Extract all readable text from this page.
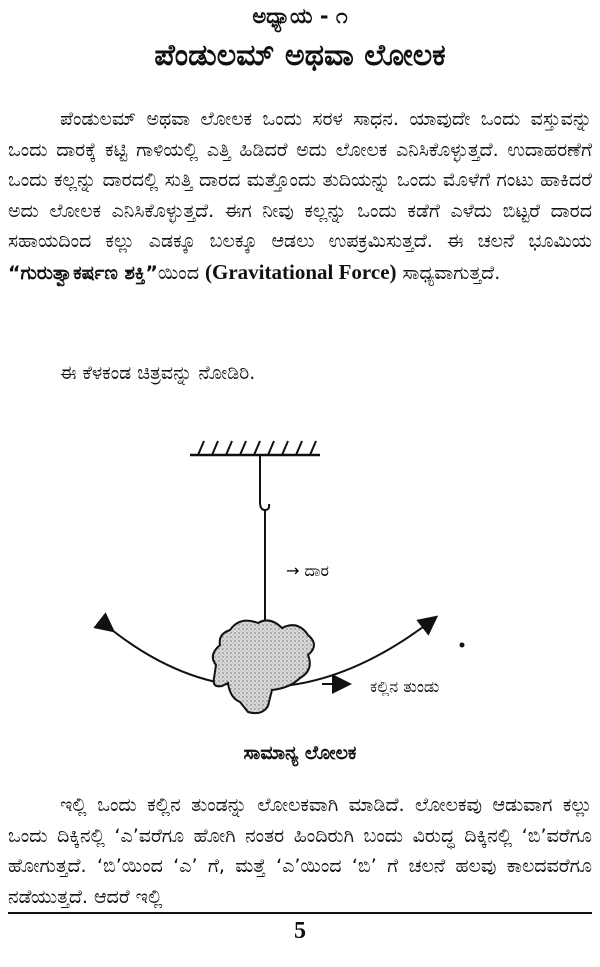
ಅಧ್ಯಾಯ - ೧
ಪೆಂಡುಲಮ್ ಅಥವಾ ಲೋಲಕ

ಪೆಂಡುಲಮ್ ಅಥವಾ ಲೋಲಕ ಒಂದು ಸರಳ ಸಾಧನ. ಯಾವುದೇ ಒಂದು ವಸ್ತುವನ್ನು ಒಂದು ದಾರಕ್ಕೆ ಕಟ್ಟಿ ಗಾಳಿಯಲ್ಲಿ ಎತ್ತಿ ಹಿಡಿದರೆ ಅದು ಲೋಲಕ ಎನಿಸಿಕೊಳ್ಳುತ್ತದೆ. ಉದಾಹರಣೆಗೆ ಒಂದು ಕಲ್ಲನ್ನು ದಾರದಲ್ಲಿ ಸುತ್ತಿ ದಾರದ ಮತ್ತೊಂದು ತುದಿಯನ್ನು ಒಂದು ಮೊಳೆಗೆ ಗಂಟು ಹಾಕಿದರೆ ಅದು ಲೋಲಕ ಎನಿಸಿಕೊಳ್ಳುತ್ತದೆ. ಈಗ ನೀವು ಕಲ್ಲನ್ನು ಒಂದು ಕಡೆಗೆ ಎಳೆದು ಬಿಟ್ಟರೆ ದಾರದ ಸಹಾಯದಿಂದ ಕಲ್ಲು ಎಡಕ್ಕೂ ಬಲಕ್ಕೂ ಆಡಲು ಉಪಕ್ರಮಿಸುತ್ತದೆ. ಈ ಚಲನೆ ಭೂಮಿಯ “ಗುರುತ್ವಾಕರ್ಷಣ ಶಕ್ತಿ”ಯಿಂದ (Gravitational Force) ಸಾಧ್ಯವಾಗುತ್ತದೆ.

ಈ ಕೆಳಕಂಡ ಚಿತ್ರವನ್ನು ನೋಡಿರಿ.

→ ದಾರ
ಕಲ್ಲಿನ ತುಂಡು
ಸಾಮಾನ್ಯ ಲೋಲಕ

ಇಲ್ಲಿ ಒಂದು ಕಲ್ಲಿನ ತುಂಡನ್ನು ಲೋಲಕವಾಗಿ ಮಾಡಿದೆ. ಲೋಲಕವು ಆಡುವಾಗ ಕಲ್ಲು ಒಂದು ದಿಕ್ಕಿನಲ್ಲಿ ‘ಎ’ವರೆಗೂ ಹೋಗಿ ನಂತರ ಹಿಂದಿರುಗಿ ಬಂದು ವಿರುದ್ಧ ದಿಕ್ಕಿನಲ್ಲಿ ‘ಬಿ’ವರೆಗೂ ಹೋಗುತ್ತದೆ. ‘ಬಿ’ಯಿಂದ ‘ಎ’ ಗೆ, ಮತ್ತೆ ‘ಎ’ಯಿಂದ ‘ಬಿ’ ಗೆ ಚಲನೆ ಹಲವು ಕಾಲದವರೆಗೂ ನಡೆಯುತ್ತದೆ. ಆದರೆ ಇಲ್ಲಿ

5
